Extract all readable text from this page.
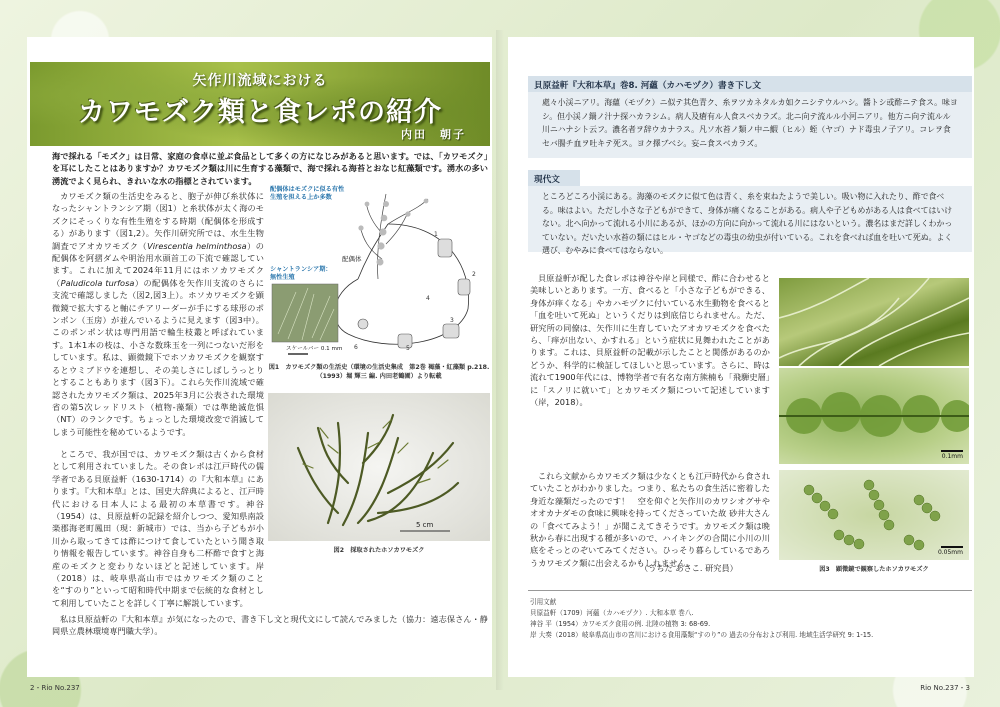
矢作川流域における
カワモズク類と食レポの紹介
内田　朝子

海で採れる「モズク」は日常、家庭の食卓に並ぶ食品として多くの方になじみがあると思います。では、「カワモズク」を耳にしたことはありますか？カワモズク類は川に生育する藻類で、海で採れる海苔とおなじ紅藻類です。湧水の多い湧流でよく見られ、きれいな水の指標とされています。

カワモズク類の生活史をみると、胞子が伸び糸状体になったシャントランシア期（図1）と糸状体が太く海のモズクにそっくりな有性生殖をする時期（配偶体を形成する）があります（図1,2）。矢作川研究所では、水生生物調査でアオカワモズク（Virescentia helminthosa）の配偶体を阿摺ダムや明治用水頭首工の下流で確認しています。これに加えて2024年11月にはホソカワモズク（Paludicola turfosa）の配偶体を矢作川支流のさらに支流で確認しました（図2,図3上）。ホソカワモズクを顕微鏡で拡大すると軸にチアリーダーが手にする球形のポンポン（玉房）が並んでいるように見えます（図3中）。このポンポン状は専門用語で輪生枝叢と呼ばれています。1本1本の枝は、小さな数珠玉を一列につないだ形をしています。私は、顕微鏡下でホソカワモズクを観察するとウミブドウを連想し、その美しさにしばしうっとりとすることもあります（図3下）。これら矢作川流域で確認されたカワモズク類は、2025年3月に公表された環境省の第5次レッドリスト（植物-藻類）では準絶滅危惧（NT）のランクです。ちょっとした環境改変で消滅してしまう可能性を秘めているようです。

ところで、我が国では、カワモズク類は古くから食材として利用されていました。その食レポは江戸時代の儒学者である貝原益軒（1630-1714）の『大和本草』にあります。『大和本草』とは、国史大辞典によると、江戸時代における日本人による最初の本草書です。神谷（1954）は、貝原益軒の記録を紹介しつつ、愛知県南設楽郡海老町鳳田（現：新城市）では、当から子どもが小川から取ってきては酢につけて食していたという聞き取り情報を報告しています。神谷自身も二杯酢で食すと海産のモズクと変わりないほどと記述しています。岸（2018）は、岐阜県高山市ではカワモズク類のことを“すのり”といって昭和時代中期まで伝統的な食材として利用していたことを詳しく丁寧に解説しています。

私は貝原益軒の『大和本草』が気になったので、書き下し文と現代文にして読んでみました（協力：遠志保さん・静岡県立農林環境専門職大学）。

1
2
3
4
5
6
配偶体はモズクに似る有性生殖を担える上か多数
配偶体
シャントランシア期：無性生殖
スケールバー 0.1 mm
図1　カワモズク類の生活史（環境の生活史集成　第2巻 褐藻・紅藻類 p.218.（1993）堀 輝三 編. 内田老鶴圃）より転載
5 cm
図2　採取されたホソカワモズク
貝原益軒『大和本草』巻8. 河蘊（カハモヅク）書き下し文
處々小渓ニアリ。海蘊（モヅク）ニ似テ其色青ク、糸ヲツカネタルカ如クニシテウルハシ。醬トシ或酢ニテ食ス。味ヨシ。但小渓ノ鍋ノ汁ナ探ハカラシム。病人及瘡有ル人食スベカラズ。北ニ向テ流ルル小河ニアリ。他方ニ向テ流ルル川ニハナシト云フ。濃名者ヲ辞ウカナラス。凡ソ水苔ノ類ノ中ニ鰕（ヒル）蛭（ヤゴ）ナド毒虫ノ子アリ。コレヲ食セバ腸チ血ヲ吐キテ死ス。ヨク擇ブベシ。妄ニ食スベカラズ。
現代文
ところどころ小渓にある。海藻のモズクに似て色は青く、糸を束ねたようで美しい。吸い物に入れたり、酢で食べる。味はよい。ただし小さな子どもができて、身体が痛くなることがある。病人や子どもめがある人は食べてはいけない。北へ向かって流れる小川にあるが、ほかの方向に向かって流れる川にはないという。濃名はまだ詳しくわかっていない。だいたい水苔の類にはヒル・ヤゴなどの毒虫の幼虫が付いている。これを食べれば血を吐いて死ぬ。よく選び、むやみに食べてはならない。

貝原益軒が配した食レポは神谷や岸と同様で、酢に合わせると美味しいとあります。一方、食べると「小さな子どもができる、身体が痒くなる」やカハモヅクに付いている水生動物を食べると「血を吐いて死ぬ」というくだりは到底信じられません。ただ、研究所の同僚は、矢作川に生育していたアオカワモズクを食べたら、「痒が出ない、かすれる」という症状に見舞われたことがあります。これは、貝原益軒の記載が示したことと関係があるのかどうか、科学的に検証してほしいと思っています。さらに、時は流れて1900年代には、博物学者で有名な南方熊楠も「飛騨史層」に「スノリに就いて」とカワモズク類について記述しています（岸，2018）。

これら文献からカワモズク類は少なくとも江戸時代から食されていたことがわかりました。つまり、私たちの食生活に密着した身近な藻類だったのです！　空を仰ぐと矢作川のカワシオグサやオオカナダモの食味に興味を持ってくださっていた故 砂井大さんの「食べてみよう！」が聞こえてきそうです。カワモズク類は晩秋から春に出現する種が多いので、ハイキングの合間に小川の川底をそっとのぞいてみてください。ひっそり暮らしているであろうカワモズク類に出会えるかもしれません。

（うちだ あさこ. 研究員）
0.1mm
0.05mm
図3　顕微鏡で観察したホソカワモズク
引用文献
貝原益軒（1709）河蘊（カハモヅク）. 大和本草 巻八.
神谷 平（1954）カワモズク食用の例. 北陸の植物 3: 68-69.
岸 大奏（2018）岐阜県高山市の宮川における食用藻類“すのり”の 過去の分布および利用. 地域生活学研究 9: 1-15.
2・Rio No.237	Rio No.237・3
